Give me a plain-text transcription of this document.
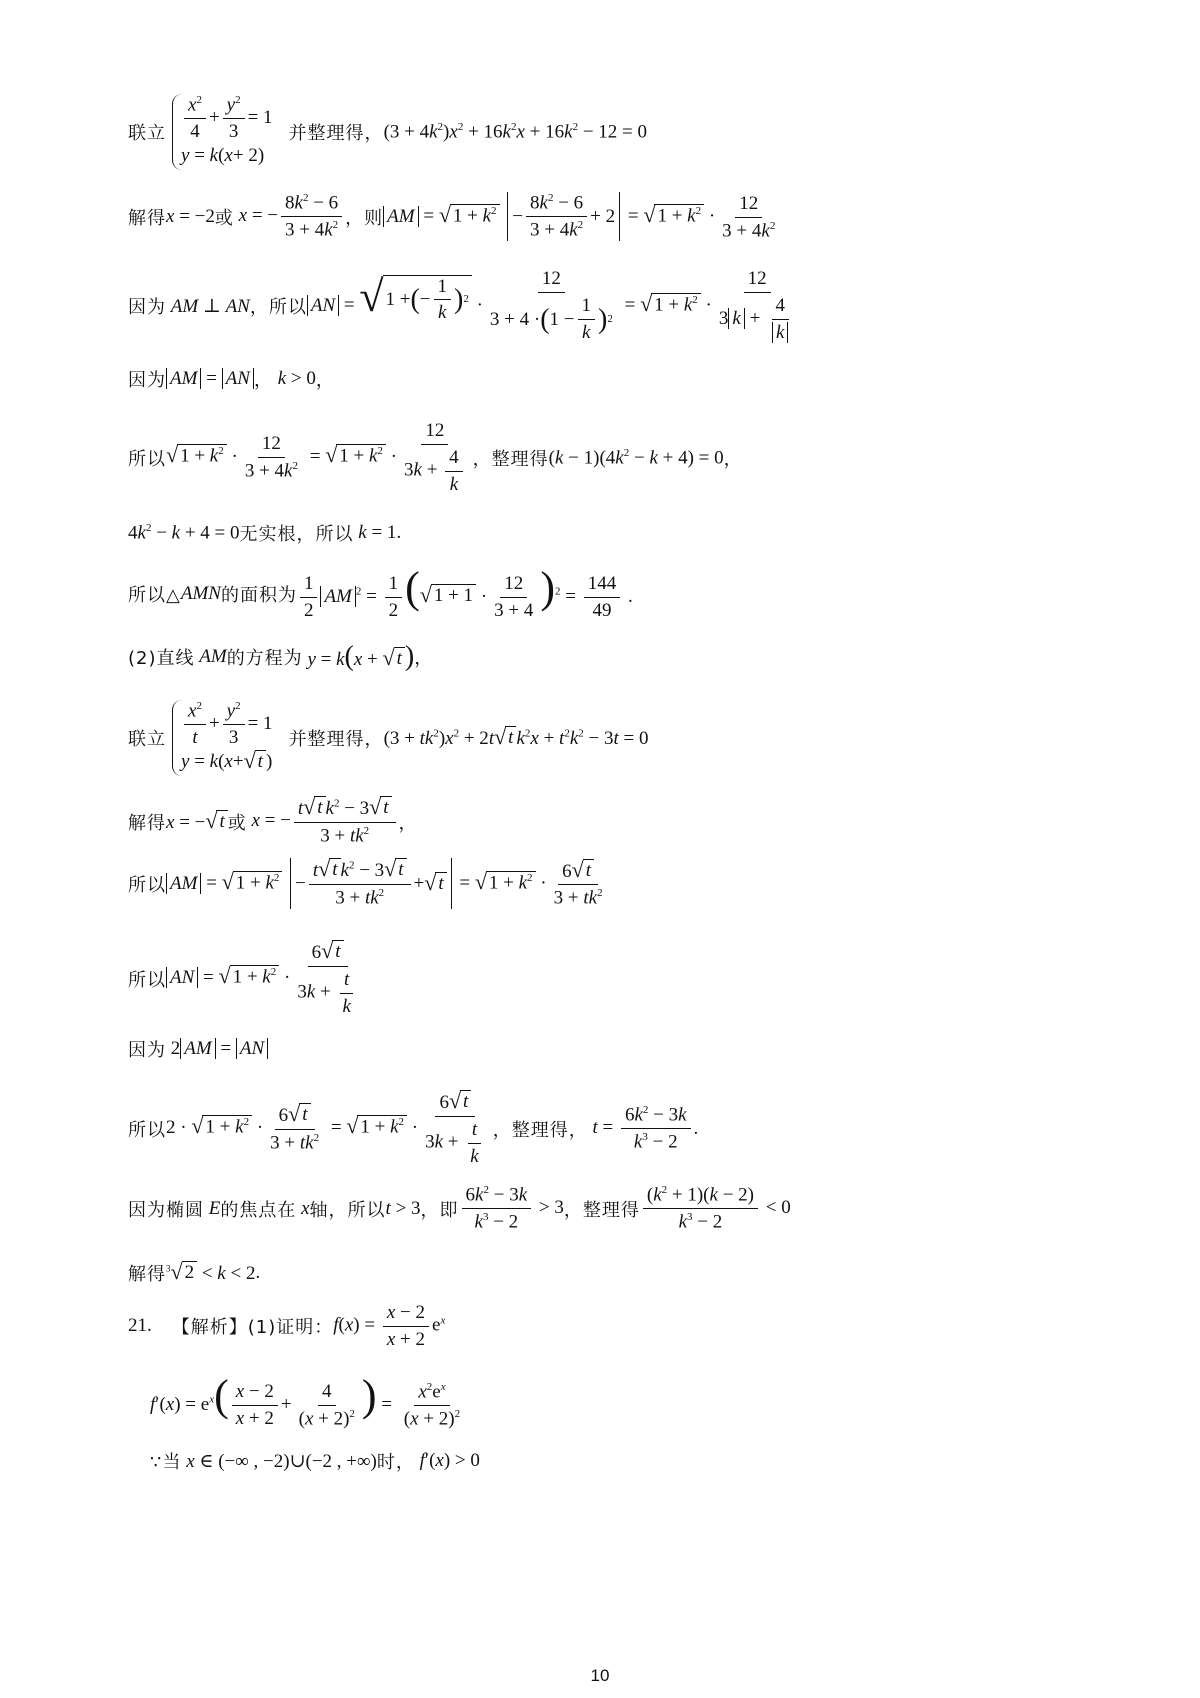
联立 $\frac{x^2}{4} + \frac{y^2}{3} = 1$
y = k ( x + 2)
并整理得， $(3 + 4k^2)x^2 + 16k^2x + 16k^2 - 12 = 0$
解得 x = −2 或 x = − $\frac{8k^2 - 6}{3 + 4k^2}$ ，则 AM = √ $1 + k^2 - \frac{8k^2 - 6}{3 + 4k^2} + 2$ = √ $1 + k^2 \cdot \frac{12}{3 + 4k^2}$
因为 AM ⊥ AN ， 所以 AN = √ 1 + ( − $\frac{1}{k}$ ) $2 \cdot \frac{12}{3 + 4 \cdot ( 1 - \frac{1}{k} ) 2}$ = √ $1 + k^2 \cdot \frac{12}{3 k + \frac{4}{k}}$
因为 AM = AN ， k > 0 ，
所以 √ $1 + k^2 \cdot \frac{12}{3 + 4k^2}$ = √ $1 + k^2 \cdot \frac{12}{3k + \frac{4}{k}}$ ， 整理得 $(k - 1)(4k^2 - k + 4) = 0$ ，
$4k^2 - k + 4 = 0$ 无实根，所以 k = 1 .
所以△ AMN 的面积为 $\frac{1}{2}$ AM $^2 = \frac{1}{2}$ ( √ $1 + 1 \cdot \frac{12}{3 + 4} )^2 = \frac{144}{49}$ .
(2)直线 AM 的方程为 y = k(x + √ t ) ，
联立 $\frac{x^2}{t} + \frac{y^2}{3} = 1$
y = k ( x + √ t )
并整理得， $(3 + tk^2)x^2 + 2t$ √ t $k^2x + t^2k^2 - 3t = 0$
解得 x = − √ t 或 x = − $\frac{t √ t k^2 - 3 √ t}{3 + tk^2}$ ，
所以 AM = √ $1 + k^2 - \frac{t √ t k^2 - 3 √ t}{3 + tk^2}$ + √ t = √ $1 + k^2 \cdot \frac{6 √ t}{3 + tk^2}$
所以 AN = √ $1 + k^2 \cdot \frac{6 √ t}{3k + \frac{t}{k}}$
因为 2 AM = AN
所以 2 · √ $1 + k^2 \cdot \frac{6 √ t}{3 + tk^2}$ = √ $1 + k^2 \cdot \frac{6 √ t}{3k + \frac{t}{k}}$ ，整理得， $t = \frac{6k^2 - 3k}{k^3 - 2}$ .
因为椭圆 E 的焦点在 x 轴，所以 t > 3 ，即 $\frac{6k^2 - 3k}{k^3 - 2} > 3$ ，整理得 $\frac{(k^2 + 1)(k - 2)}{k^3 - 2} < 0$
解得 $^3$ √ 2 < k < 2 .
21. 【解析】 (1)证明： $f(x) = \frac{x - 2}{x + 2} e^x$
$f'(x) = e^x( \frac{x - 2}{x + 2} + \frac{4}{(x + 2)^2}$ ) = $\frac{x^2e^x}{(x + 2)^2}$
∵当 x ∈ (−∞ , −2)∪(−2 , +∞) 时， f′(x) > 0
10
